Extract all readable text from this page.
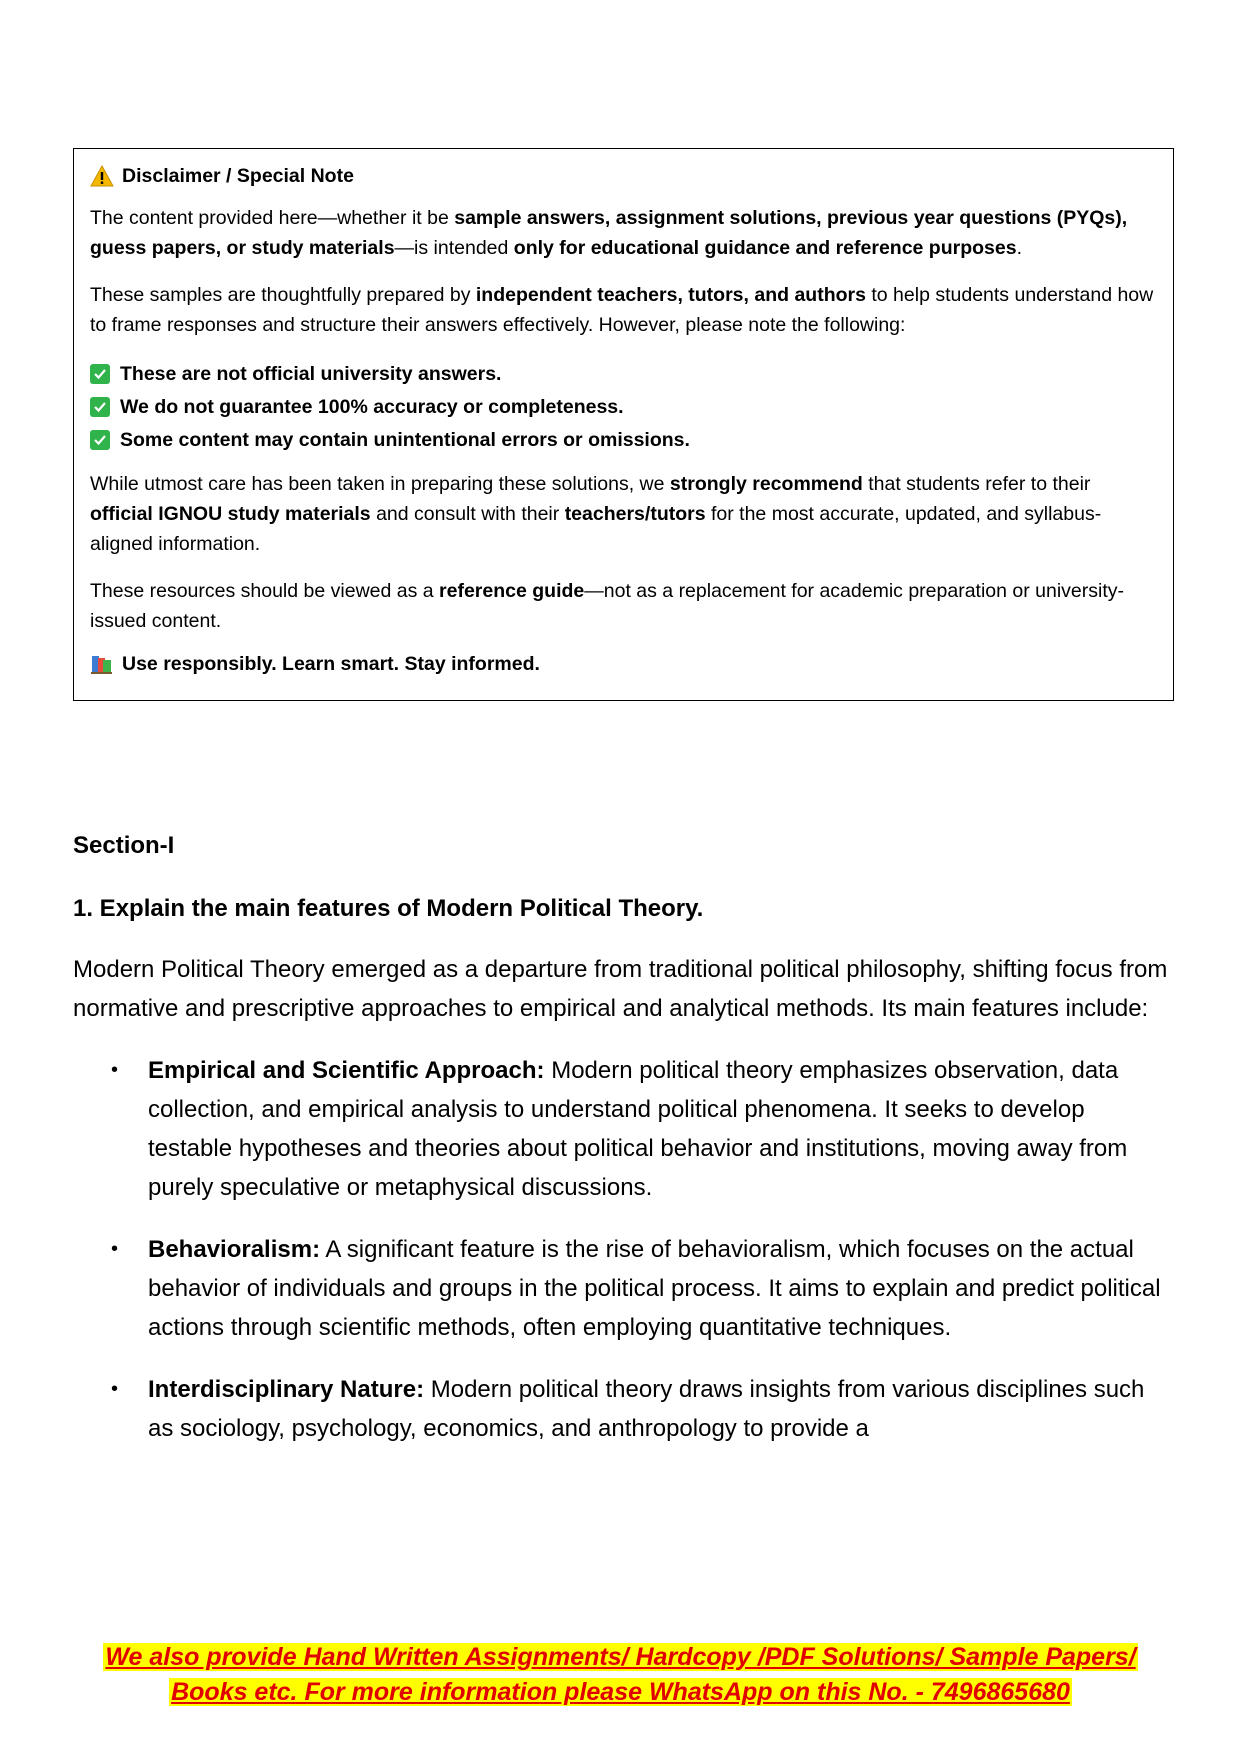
Disclaimer / Special Note

The content provided here—whether it be sample answers, assignment solutions, previous year questions (PYQs), guess papers, or study materials—is intended only for educational guidance and reference purposes.

These samples are thoughtfully prepared by independent teachers, tutors, and authors to help students understand how to frame responses and structure their answers effectively. However, please note the following:

These are not official university answers.
We do not guarantee 100% accuracy or completeness.
Some content may contain unintentional errors or omissions.

While utmost care has been taken in preparing these solutions, we strongly recommend that students refer to their official IGNOU study materials and consult with their teachers/tutors for the most accurate, updated, and syllabus-aligned information.

These resources should be viewed as a reference guide—not as a replacement for academic preparation or university-issued content.

Use responsibly. Learn smart. Stay informed.

Section-I

1. Explain the main features of Modern Political Theory.

Modern Political Theory emerged as a departure from traditional political philosophy, shifting focus from normative and prescriptive approaches to empirical and analytical methods. Its main features include:

• Empirical and Scientific Approach: Modern political theory emphasizes observation, data collection, and empirical analysis to understand political phenomena. It seeks to develop testable hypotheses and theories about political behavior and institutions, moving away from purely speculative or metaphysical discussions.
• Behavioralism: A significant feature is the rise of behavioralism, which focuses on the actual behavior of individuals and groups in the political process. It aims to explain and predict political actions through scientific methods, often employing quantitative techniques.
• Interdisciplinary Nature: Modern political theory draws insights from various disciplines such as sociology, psychology, economics, and anthropology to provide a
We also provide Hand Written Assignments/ Hardcopy /PDF Solutions/ Sample Papers/
Books etc. For more information please WhatsApp on this No. - 7496865680
